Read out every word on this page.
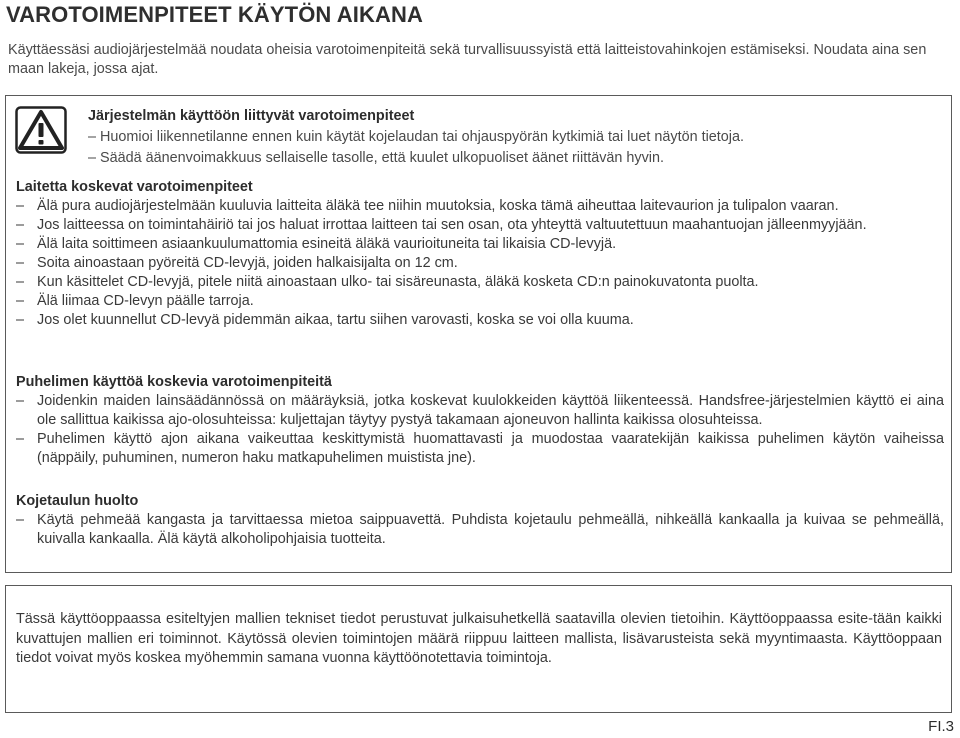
VAROTOIMENPITEET KÄYTÖN AIKANA
Käyttäessäsi audiojärjestelmää noudata oheisia varotoimenpiteitä sekä turvallisuussyistä että laitteistovahinkojen estämiseksi. Noudata aina sen maan lakeja, jossa ajat.
Järjestelmän käyttöön liittyvät varotoimenpiteet
– Huomioi liikennetilanne ennen kuin käytät kojelaudan tai ohjauspyörän kytkimiä tai luet näytön tietoja.
– Säädä äänenvoimakkuus sellaiselle tasolle, että kuulet ulkopuoliset äänet riittävän hyvin.
Laitetta koskevat varotoimenpiteet
– Älä pura audiojärjestelmään kuuluvia laitteita äläkä tee niihin muutoksia, koska tämä aiheuttaa laitevaurion ja tulipalon vaaran.
– Jos laitteessa on toimintahäiriö tai jos haluat irrottaa laitteen tai sen osan, ota yhteyttä valtuutettuun maahantuojan jälleenmyyjään.
– Älä laita soittimeen asiaankuulumattomia esineitä äläkä vaurioituneita tai likaisia CD-levyjä.
– Soita ainoastaan pyöreitä CD-levyjä, joiden halkaisijalta on 12 cm.
– Kun käsittelet CD-levyjä, pitele niitä ainoastaan ulko- tai sisäreunasta, äläkä kosketa CD:n painokuvatonta puolta.
– Älä liimaa CD-levyn päälle tarroja.
– Jos olet kuunnellut CD-levyä pidemmän aikaa, tartu siihen varovasti, koska se voi olla kuuma.
Puhelimen käyttöä koskevia varotoimenpiteitä
– Joidenkin maiden lainsäädännössä on määräyksiä, jotka koskevat kuulokkeiden käyttöä liikenteessä. Handsfree-järjestelmien käyttö ei aina ole sallittua kaikissa ajo-olosuhteissa: kuljettajan täytyy pystyä takamaan ajoneuvon hallinta kaikissa olosuhteissa.
– Puhelimen käyttö ajon aikana vaikeuttaa keskittymistä huomattavasti ja muodostaa vaaratekijän kaikissa puhelimen käytön vaiheissa (näppäily, puhuminen, numeron haku matkapuhelimen muistista jne).
Kojetaulun huolto
– Käytä pehmeää kangasta ja tarvittaessa mietoa saippuavettä. Puhdista kojetaulu pehmeällä, nihkeällä kankaalla ja kuivaa se pehmeällä, kuivalla kankaalla. Älä käytä alkoholipohjaisia tuotteita.
Tässä käyttöoppaassa esiteltyjen mallien tekniset tiedot perustuvat julkaisuhetkellä saatavilla olevien tietoihin. Käyttöoppaassa esite-tään kaikki kuvattujen mallien eri toiminnot. Käytössä olevien toimintojen määrä riippuu laitteen mallista, lisävarusteista sekä myyntimaasta. Käyttöoppaan tiedot voivat myös koskea myöhemmin samana vuonna käyttöönotettavia toimintoja.
FI.3
